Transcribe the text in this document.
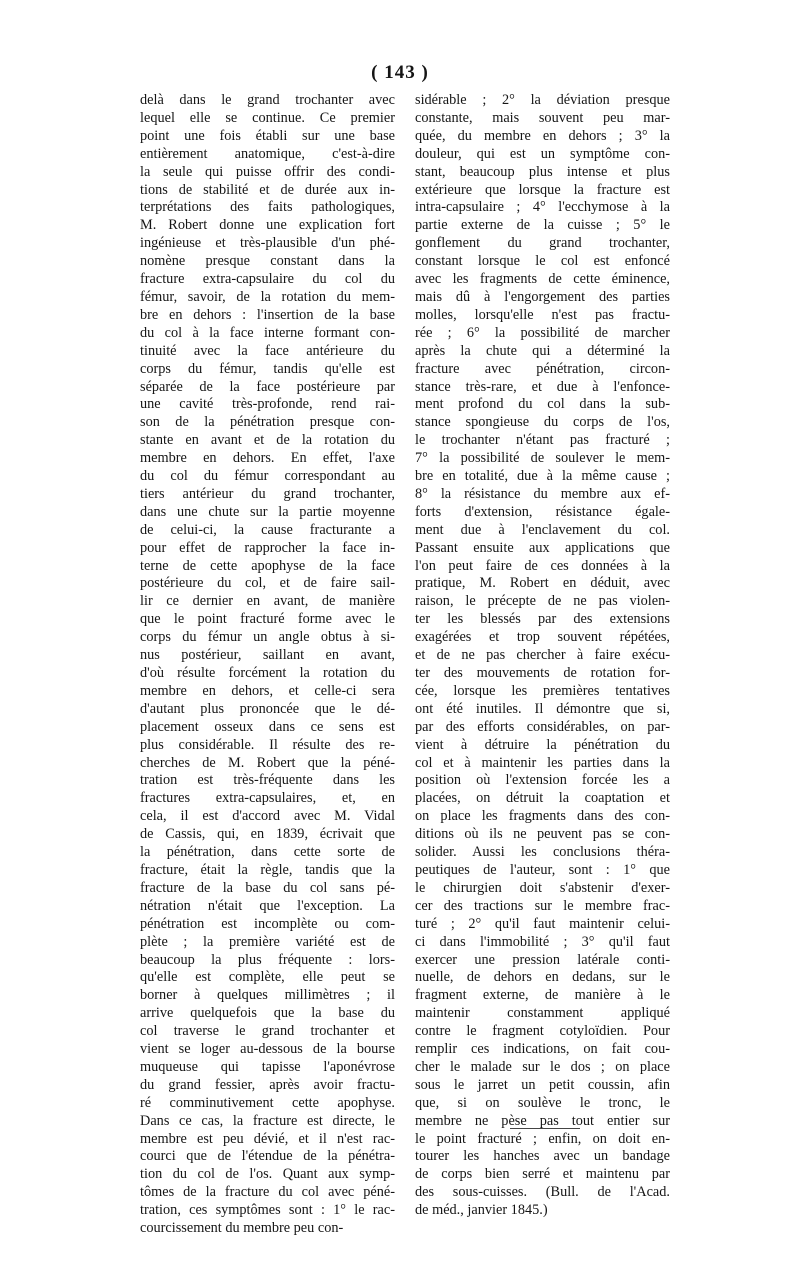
( 143 )
delà dans le grand trochanter avec
lequel elle se continue. Ce premier
point une fois établi sur une base
entièrement anatomique, c'est-à-dire
la seule qui puisse offrir des condi-
tions de stabilité et de durée aux in-
terprétations des faits pathologiques,
M. Robert donne une explication fort
ingénieuse et très-plausible d'un phé-
nomène presque constant dans la
fracture extra-capsulaire du col du
fémur, savoir, de la rotation du mem-
bre en dehors : l'insertion de la base
du col à la face interne formant con-
tinuité avec la face antérieure du
corps du fémur, tandis qu'elle est
séparée de la face postérieure par
une cavité très-profonde, rend rai-
son de la pénétration presque con-
stante en avant et de la rotation du
membre en dehors. En effet, l'axe
du col du fémur correspondant au
tiers antérieur du grand trochanter,
dans une chute sur la partie moyenne
de celui-ci, la cause fracturante a
pour effet de rapprocher la face in-
terne de cette apophyse de la face
postérieure du col, et de faire sail-
lir ce dernier en avant, de manière
que le point fracturé forme avec le
corps du fémur un angle obtus à si-
nus postérieur, saillant en avant,
d'où résulte forcément la rotation du
membre en dehors, et celle-ci sera
d'autant plus prononcée que le dé-
placement osseux dans ce sens est
plus considérable. Il résulte des re-
cherches de M. Robert que la péné-
tration est très-fréquente dans les
fractures extra-capsulaires, et, en
cela, il est d'accord avec M. Vidal
de Cassis, qui, en 1839, écrivait que
la pénétration, dans cette sorte de
fracture, était la règle, tandis que la
fracture de la base du col sans pé-
nétration n'était que l'exception. La
pénétration est incomplète ou com-
plète ; la première variété est de
beaucoup la plus fréquente : lors-
qu'elle est complète, elle peut se
borner à quelques millimètres ; il
arrive quelquefois que la base du
col traverse le grand trochanter et
vient se loger au-dessous de la bourse
muqueuse qui tapisse l'aponévrose
du grand fessier, après avoir fractu-
ré comminutivement cette apophyse.
Dans ce cas, la fracture est directe, le
membre est peu dévié, et il n'est rac-
courci que de l'étendue de la pénétra-
tion du col de l'os. Quant aux symp-
tômes de la fracture du col avec péné-
tration, ces symptômes sont : 1° le rac-
courcissement du membre peu con-
sidérable ; 2° la déviation presque
constante, mais souvent peu mar-
quée, du membre en dehors ; 3° la
douleur, qui est un symptôme con-
stant, beaucoup plus intense et plus
extérieure que lorsque la fracture est
intra-capsulaire ; 4° l'ecchymose à la
partie externe de la cuisse ; 5° le
gonflement du grand trochanter,
constant lorsque le col est enfoncé
avec les fragments de cette éminence,
mais dû à l'engorgement des parties
molles, lorsqu'elle n'est pas fractu-
rée ; 6° la possibilité de marcher
après la chute qui a déterminé la
fracture avec pénétration, circon-
stance très-rare, et due à l'enfonce-
ment profond du col dans la sub-
stance spongieuse du corps de l'os,
le trochanter n'étant pas fracturé ;
7° la possibilité de soulever le mem-
bre en totalité, due à la même cause ;
8° la résistance du membre aux ef-
forts d'extension, résistance égale-
ment due à l'enclavement du col.
Passant ensuite aux applications que
l'on peut faire de ces données à la
pratique, M. Robert en déduit, avec
raison, le précepte de ne pas violen-
ter les blessés par des extensions
exagérées et trop souvent répétées,
et de ne pas chercher à faire exécu-
ter des mouvements de rotation for-
cée, lorsque les premières tentatives
ont été inutiles. Il démontre que si,
par des efforts considérables, on par-
vient à détruire la pénétration du
col et à maintenir les parties dans la
position où l'extension forcée les a
placées, on détruit la coaptation et
on place les fragments dans des con-
ditions où ils ne peuvent pas se con-
solider. Aussi les conclusions théra-
peutiques de l'auteur, sont : 1° que
le chirurgien doit s'abstenir d'exer-
cer des tractions sur le membre frac-
turé ; 2° qu'il faut maintenir celui-
ci dans l'immobilité ; 3° qu'il faut
exercer une pression latérale conti-
nuelle, de dehors en dedans, sur le
fragment externe, de manière à le
maintenir constamment appliqué
contre le fragment cotyloïdien. Pour
remplir ces indications, on fait cou-
cher le malade sur le dos ; on place
sous le jarret un petit coussin, afin
que, si on soulève le tronc, le
membre ne pèse pas tout entier sur
le point fracturé ; enfin, on doit en-
tourer les hanches avec un bandage
de corps bien serré et maintenu par
des sous-cuisses. (Bull. de l'Acad.
de méd., janvier 1845.)
